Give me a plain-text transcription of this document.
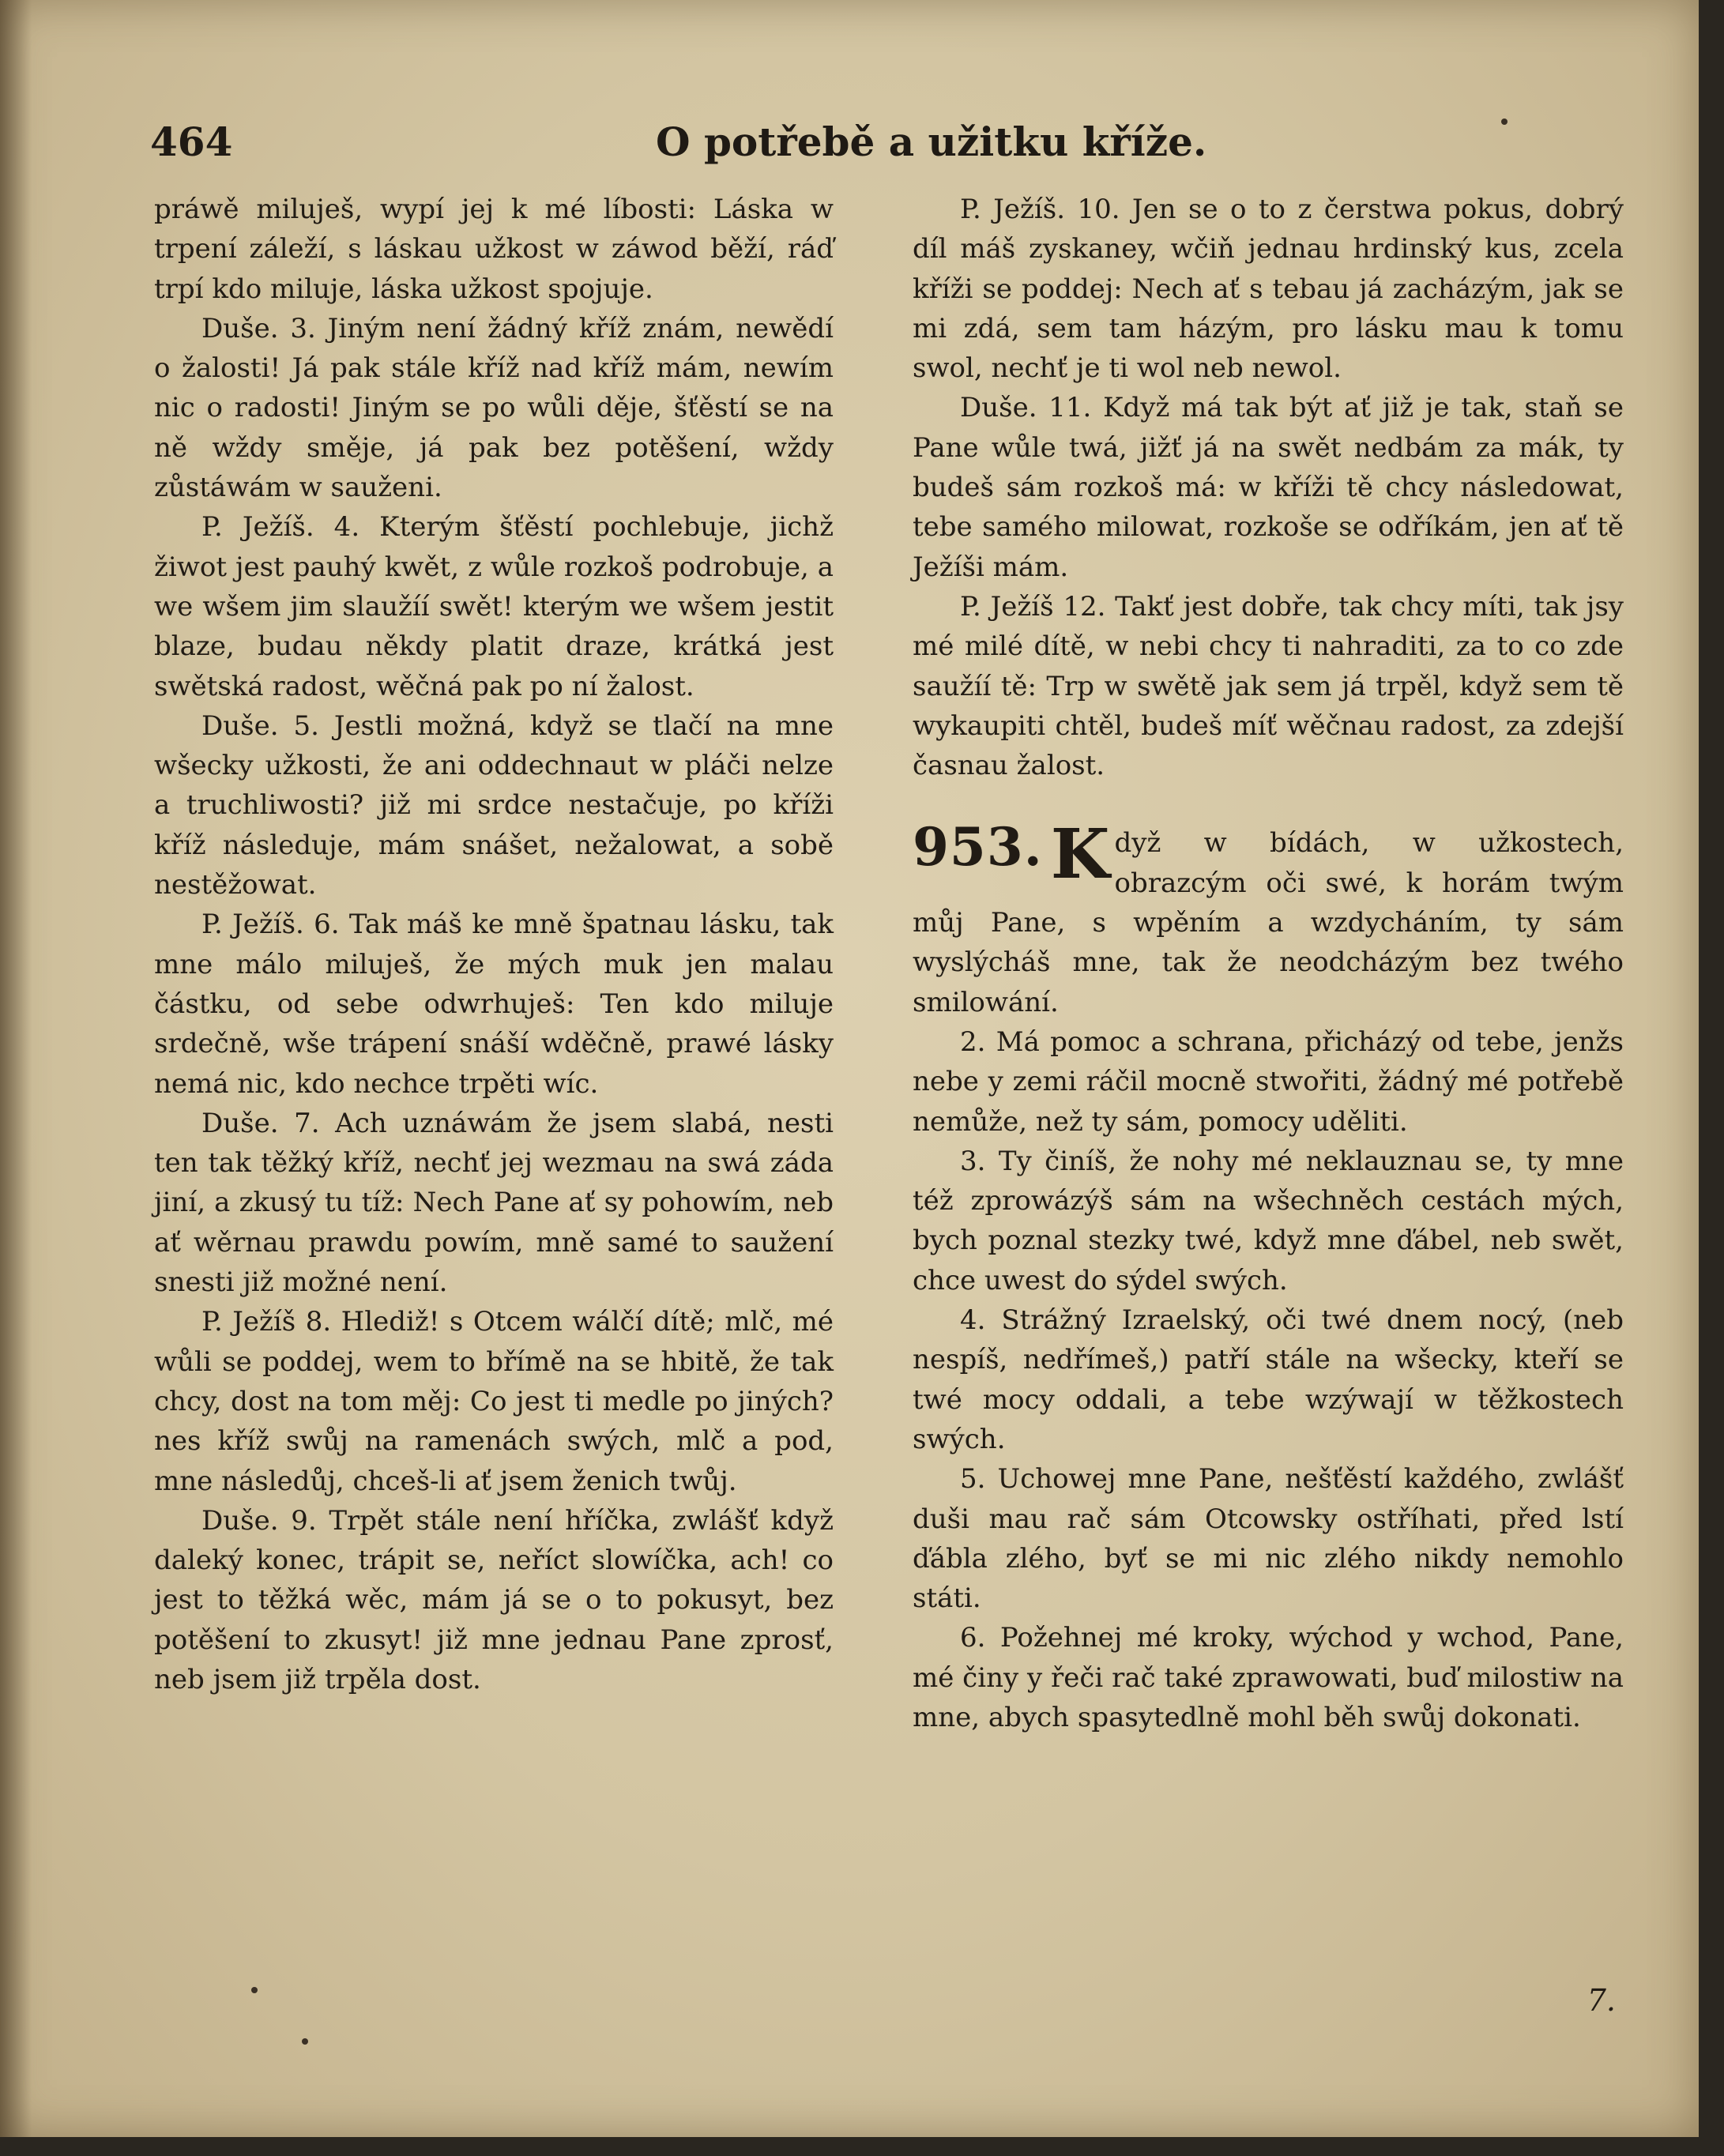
464	O potřebě a užitku kříže.

práwě miluješ, wypí jej k mé líbosti: Láska w trpení záleží, s láskau užkost w záwod běží, ráď trpí kdo miluje, láska užkost spojuje.

Duše. 3. Jiným není žádný kříž znám, newědí o žalosti! Já pak stále kříž nad kříž mám, newím nic o radosti! Jiným se po wůli děje, šťěstí se na ně wždy směje, já pak bez potěšení, wždy zůstáwám w sauženi.

P. Ježíš. 4. Kterým šťěstí pochlebuje, jichž žiwot jest pauhý kwět, z wůle rozkoš podrobuje, a we wšem jim slaužíí swět! kterým we wšem jestit blaze, budau někdy platit draze, krátká jest swětská radost, wěčná pak po ní žalost.

Duše. 5. Jestli možná, když se tlačí na mne wšecky užkosti, že ani oddechnaut w pláči nelze a truchliwosti? již mi srdce nestačuje, po kříži kříž následuje, mám snášet, nežalowat, a sobě nestěžowat.

P. Ježíš. 6. Tak máš ke mně špatnau lásku, tak mne málo miluješ, že mých muk jen malau částku, od sebe odwrhuješ: Ten kdo miluje srdečně, wše trápení snáší wděčně, prawé lásky nemá nic, kdo nechce trpěti wíc.

Duše. 7. Ach uznáwám že jsem slabá, nesti ten tak těžký kříž, nechť jej wezmau na swá záda jiní, a zkusý tu tíž: Nech Pane ať sy pohowím, neb ať wěrnau prawdu powím, mně samé to saužení snesti již možné není.

P. Ježíš 8. Hlediž! s Otcem wálčí dítě; mlč, mé wůli se poddej, wem to břímě na se hbitě, že tak chcy, dost na tom měj: Co jest ti medle po jiných? nes kříž swůj na ramenách swých, mlč a pod, mne následůj, chceš-li ať jsem ženich twůj.

Duše. 9. Trpět stále není hříčka, zwlášť když daleký konec, trápit se, neříct slowíčka, ach! co jest to těžká wěc, mám já se o to pokusyt, bez potěšení to zkusyt! již mne jednau Pane zprosť, neb jsem již trpěla dost.

P. Ježíš. 10. Jen se o to z čerstwa pokus, dobrý díl máš zyskaney, wčiň jednau hrdinský kus, zcela kříži se poddej: Nech ať s tebau já zacházým, jak se mi zdá, sem tam házým, pro lásku mau k tomu swol, nechť je ti wol neb newol.

Duše. 11. Když má tak být ať již je tak, staň se Pane wůle twá, jižť já na swět nedbám za mák, ty budeš sám rozkoš má: w kříži tě chcy následowat, tebe samého milowat, rozkoše se odříkám, jen ať tě Ježíši mám.

P. Ježíš 12. Takť jest dobře, tak chcy míti, tak jsy mé milé dítě, w nebi chcy ti nahraditi, za to co zde saužíí tě: Trp w swětě jak sem já trpěl, když sem tě wykaupiti chtěl, budeš míť wěčnau radost, za zdejší časnau žalost.

953. K dyž w bídách, w užkostech, obrazcým oči swé, k horám twým můj Pane, s wpěním a wzdycháním, ty sám wyslýcháš mne, tak že neodcházým bez twého smilowání.

2. Má pomoc a schrana, přicházý od tebe, jenžs nebe y zemi ráčil mocně stwořiti, žádný mé potřebě nemůže, než ty sám, pomocy uděliti.

3. Ty činíš, že nohy mé neklauznau se, ty mne též zprowázýš sám na wšechněch cestách mých, bych poznal stezky twé, když mne ďábel, neb swět, chce uwest do sýdel swých.

4. Strážný Izraelský, oči twé dnem nocý, (neb nespíš, nedřímeš,) patří stále na wšecky, kteří se twé mocy oddali, a tebe wzýwají w těžkostech swých.

5. Uchowej mne Pane, nešťěstí každého, zwlášť duši mau rač sám Otcowsky ostříhati, před lstí ďábla zlého, byť se mi nic zlého nikdy nemohlo státi.

6. Požehnej mé kroky, wýchod y wchod, Pane, mé činy y řeči rač také zprawowati, buď milostiw na mne, abych spasytedlně mohl běh swůj dokonati.

7.
